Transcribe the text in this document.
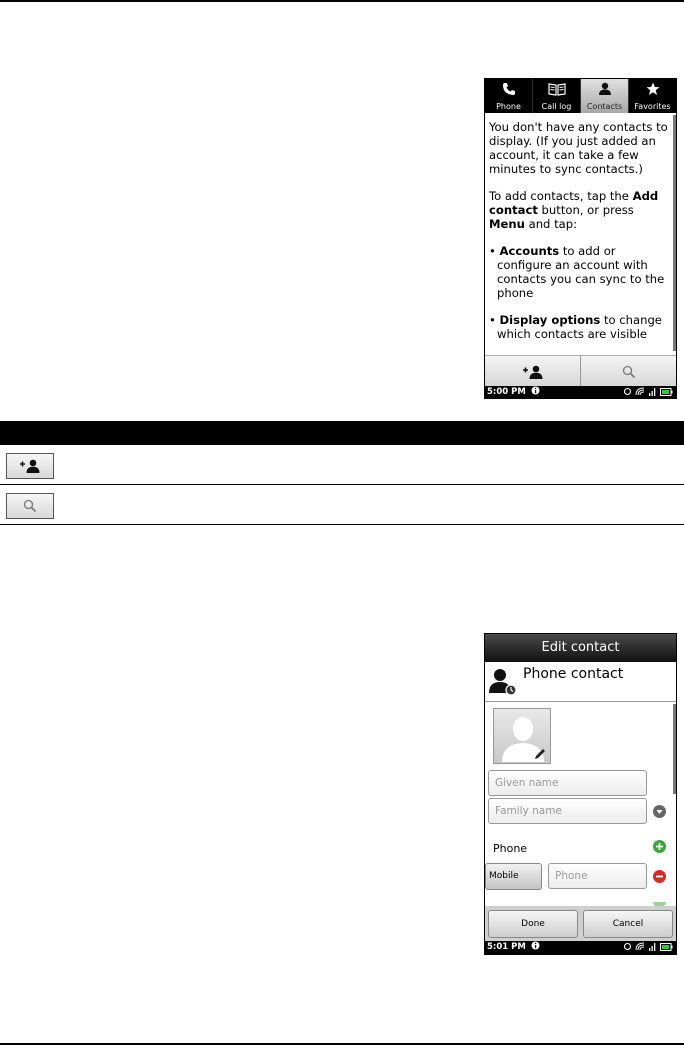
Phone	Call log	Contacts	Favorites

You don't have any contacts to display. (If you just added an account, it can take a few minutes to sync contacts.)

To add contacts, tap the Add contact button, or press Menu and tap:

• Accounts to add or configure an account with contacts you can sync to the phone

• Display options to change which contacts are visible

5:00 PM
Edit contact
Phone contact
Given name
Family name
Phone
Mobile	Phone
Done	Cancel
5:01 PM
